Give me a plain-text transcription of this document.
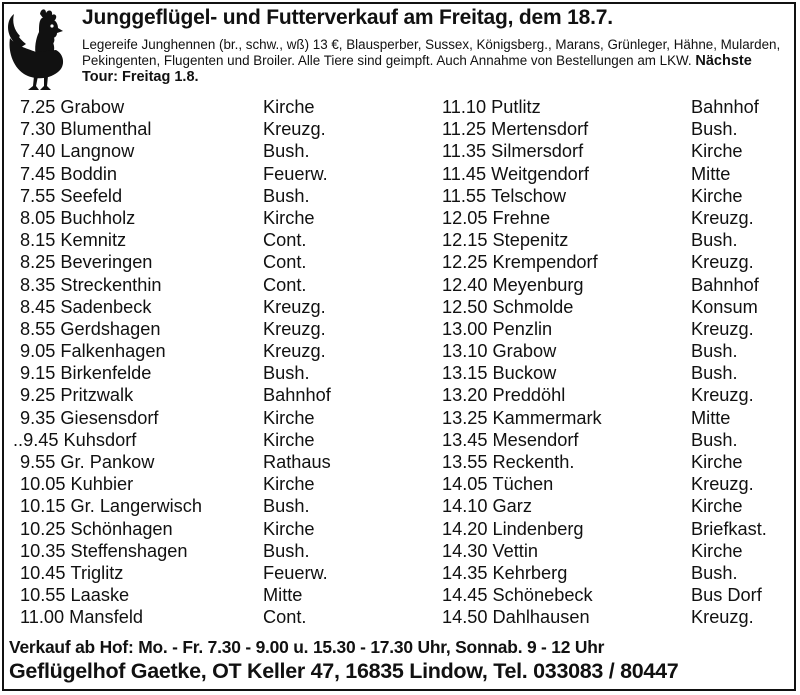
Junggeflügel- und Futterverkauf am Freitag, dem 18.7.
Legereife Junghennen (br., schw., wß) 13 €, Blausperber, Sussex, Königsberg., Marans, Grünleger, Hähne, Mularden, Pekingenten, Flugenten und Broiler. Alle Tiere sind geimpft. Auch Annahme von Bestellungen am LKW. Nächste Tour: Freitag 1.8.
7.25 Grabow	Kirche
7.30 Blumenthal	Kreuzg.
7.40 Langnow	Bush.
7.45 Boddin	Feuerw.
7.55 Seefeld	Bush.
8.05 Buchholz	Kirche
8.15 Kemnitz	Cont.
8.25 Beveringen	Cont.
8.35 Streckenthin	Cont.
8.45 Sadenbeck	Kreuzg.
8.55 Gerdshagen	Kreuzg.
9.05 Falkenhagen	Kreuzg.
9.15 Birkenfelde	Bush.
9.25 Pritzwalk	Bahnhof
9.35 Giesensdorf	Kirche
..9.45 Kuhsdorf	Kirche
9.55 Gr. Pankow	Rathaus
10.05 Kuhbier	Kirche
10.15 Gr. Langerwisch	Bush.
10.25 Schönhagen	Kirche
10.35 Steffenshagen	Bush.
10.45 Triglitz	Feuerw.
10.55 Laaske	Mitte
11.00 Mansfeld	Cont.
11.10 Putlitz	Bahnhof
11.25 Mertensdorf	Bush.
11.35 Silmersdorf	Kirche
11.45 Weitgendorf	Mitte
11.55 Telschow	Kirche
12.05 Frehne	Kreuzg.
12.15 Stepenitz	Bush.
12.25 Krempendorf	Kreuzg.
12.40 Meyenburg	Bahnhof
12.50 Schmolde	Konsum
13.00 Penzlin	Kreuzg.
13.10 Grabow	Bush.
13.15 Buckow	Bush.
13.20 Preddöhl	Kreuzg.
13.25 Kammermark	Mitte
13.45 Mesendorf	Bush.
13.55 Reckenth.	Kirche
14.05 Tüchen	Kreuzg.
14.10 Garz	Kirche
14.20 Lindenberg	Briefkast.
14.30 Vettin	Kirche
14.35 Kehrberg	Bush.
14.45 Schönebeck	Bus Dorf
14.50 Dahlhausen	Kreuzg.
Verkauf ab Hof: Mo. - Fr. 7.30 - 9.00 u. 15.30 - 17.30 Uhr, Sonnab. 9 - 12 Uhr
Geflügelhof Gaetke, OT Keller 47, 16835 Lindow, Tel. 033083 / 80447
